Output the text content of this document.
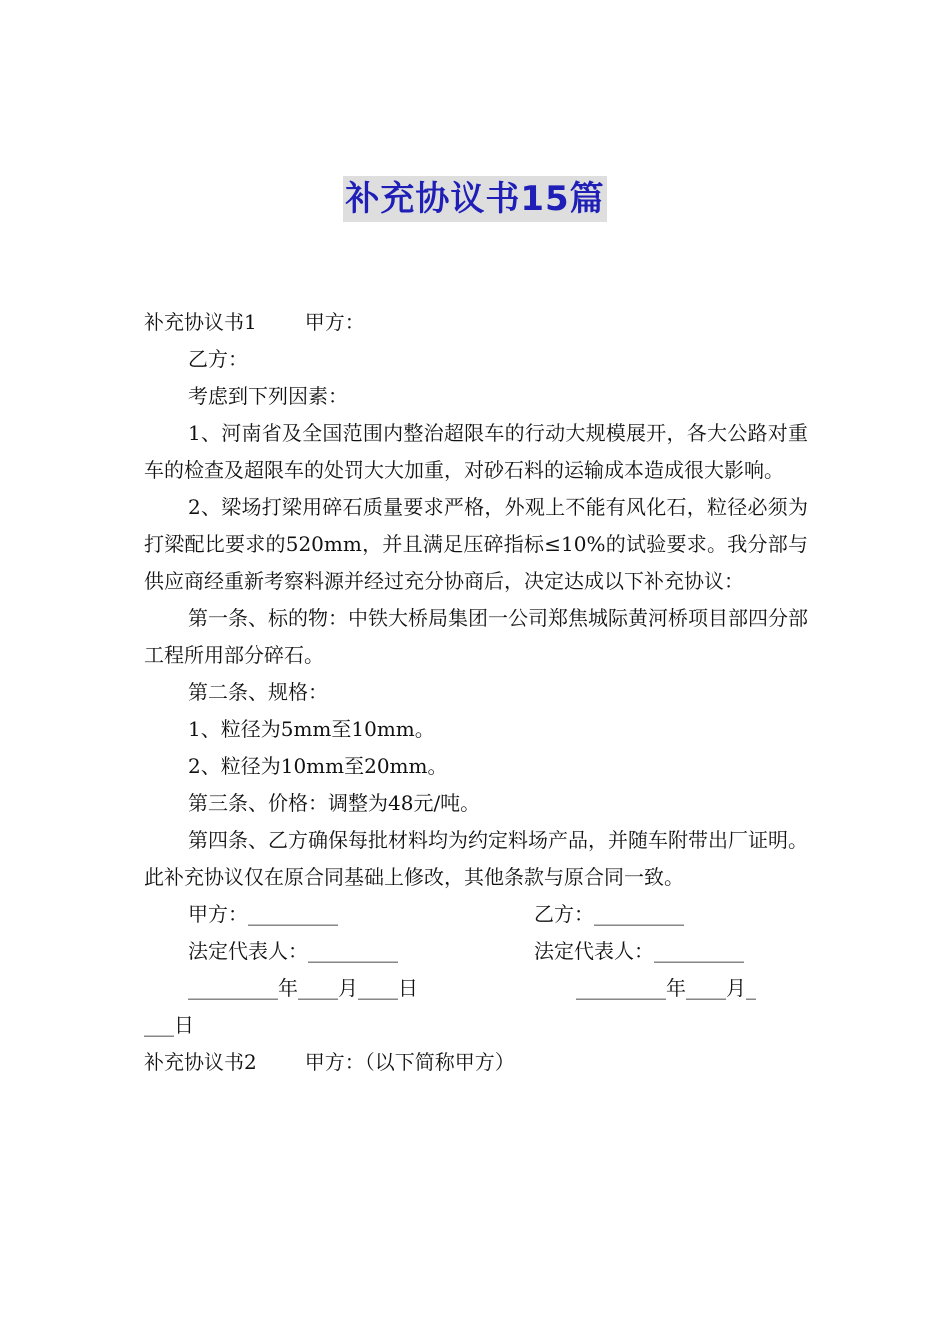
补充协议书15篇

补充协议书1 甲方：

乙方：

考虑到下列因素：

1、河南省及全国范围内整治超限车的行动大规模展开，各大公路对重车的检查及超限车的处罚大大加重，对砂石料的运输成本造成很大影响。

2、梁场打梁用碎石质量要求严格，外观上不能有风化石，粒径必须为打梁配比要求的520mm，并且满足压碎指标≤10%的试验要求。我分部与供应商经重新考察料源并经过充分协商后，决定达成以下补充协议：

第一条、标的物：中铁大桥局集团一公司郑焦城际黄河桥项目部四分部工程所用部分碎石。

第二条、规格：

1、粒径为5mm至10mm。

2、粒径为10mm至20mm。

第三条、价格：调整为48元/吨。

第四条、乙方确保每批材料均为约定料场产品，并随车附带出厂证明。此补充协议仅在原合同基础上修改，其他条款与原合同一致。

甲方：_________	乙方：_________
法定代表人：_________	法定代表人：_________
_________年____月____日	_________年____月_

___日

补充协议书2 甲方：（以下简称甲方）
